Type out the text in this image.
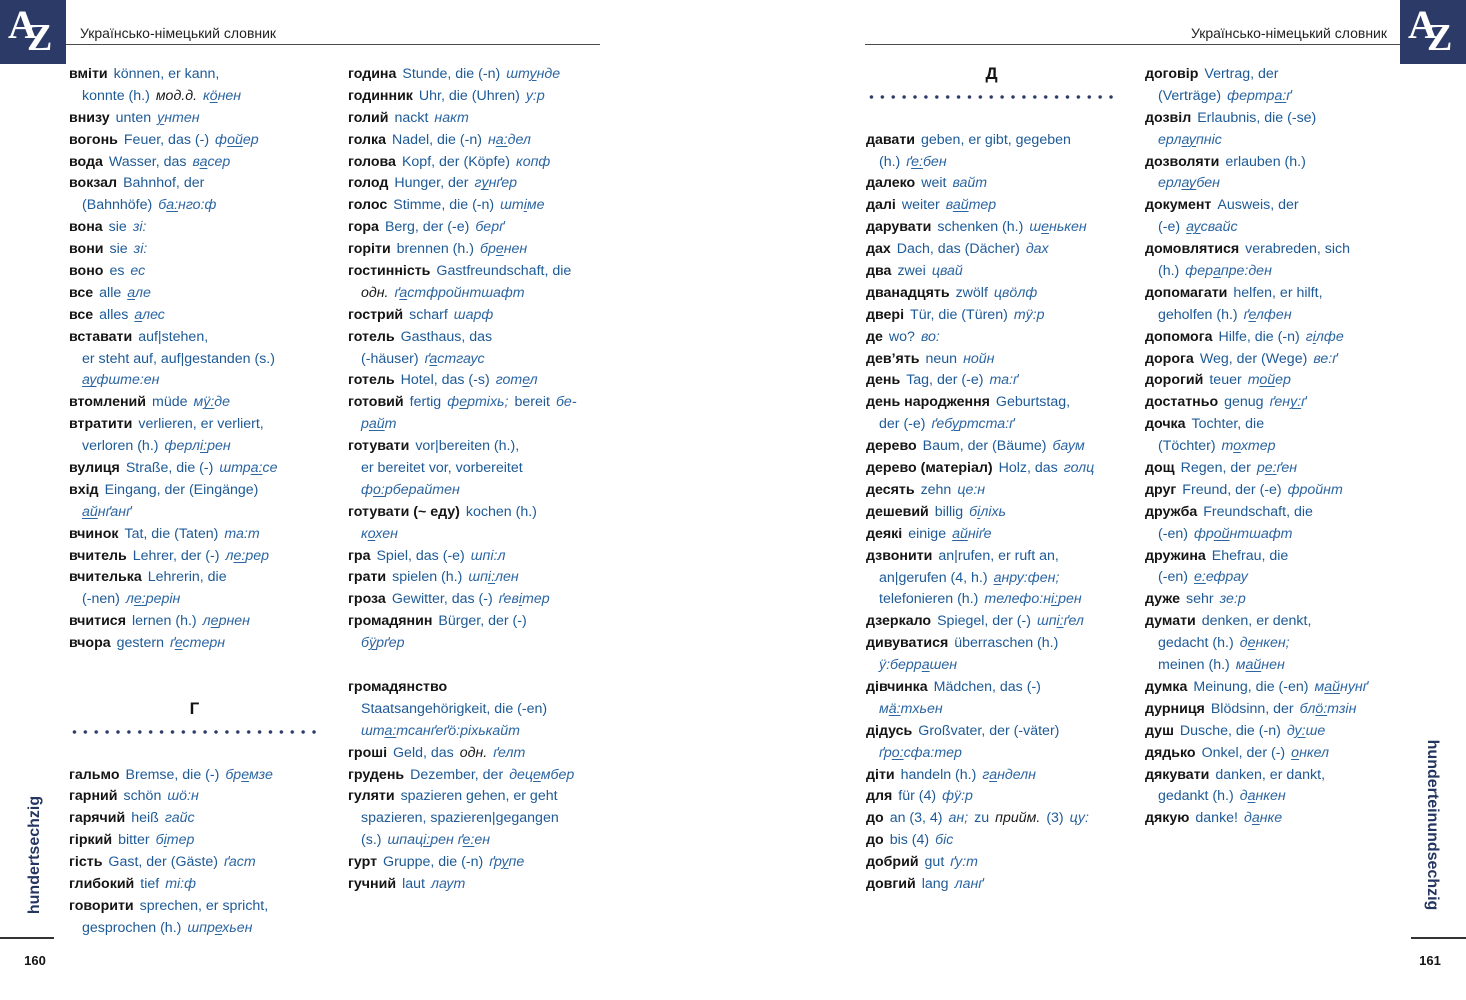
A
Z Українсько-німецький словник
вміти können, er kann,
konnte (h.) мод.д. кӧнен
внизу unten унтен
вогонь Feuer, das (-) фойер
вода Wasser, das васер
вокзал Bahnhof, der
(Bahnhöfe) ба:нго:ф
вона sie зі:
вони sie зі:
воно es ес
все alle але
все alles алес
вставати auf|stehen,
er steht auf, auf|gestanden (s.)
ауфште:ен
втомлений müde мӱ:де
втратити verlieren, er verliert,
verloren (h.) ферлі:рен
вулиця Straße, die (-) штра:се
вхід Eingang, der (Eingänge)
айнґанґ
вчинок Tat, die (Taten) та:т
вчитель Lehrer, der (-) ле:рер
вчителька Lehrerin, die
(-nen) ле:рерін
вчитися lernen (h.) лернен
вчора gestern ґестерн
Г
гальмо Bremse, die (-) бремзе
гарний schön шӧ:н
гарячий heiß гайс
гіркий bitter бітер
гість Gast, der (Gäste) ґаст
глибокий tief ті:ф
говорити sprechen, er spricht,
gesprochen (h.) шпрехьен
година Stunde, die (-n) штунде
годинник Uhr, die (Uhren) у:р
голий nackt накт
голка Nadel, die (-n) на:дел
голова Kopf, der (Köpfe) копф
голод Hunger, der гунґер
голос Stimme, die (-n) штіме
гора Berg, der (-e) берґ
горіти brennen (h.) бренен
гостинність Gastfreundschaft, die
одн. ґастфройнтшафт
гострий scharf шарф
готель Gasthaus, das
(-häuser) ґастгаус
готель Hotel, das (-s) готел
готовий fertig фертіхь; bereit бе-
райт
готувати vor|bereiten (h.),
er bereitet vor, vorbereitet
фо:рберайтен
готувати (~ еду) kochen (h.)
кохен
гра Spiel, das (-e) шпі:л
грати spielen (h.) шпі:лен
гроза Gewitter, das (-) ґевітер
громадянин Bürger, der (-)
бӱрґер
громадянство
Staatsangehörigkeit, die (-en)
шта:тсанґеґӧ:ріхькайт
гроші Geld, das одн. ґелт
грудень Dezember, der децембер
гуляти spazieren gehen, er geht
spazieren, spazieren|gegangen
(s.) шпаці:рен ґе:ен
гурт Gruppe, die (-n) ґрупе
гучний laut лаут
hundertsechzig
160
A
Z
Українсько-німецький словник
Д
давати geben, er gibt, gegeben
(h.) ґе:бен
далеко weit вайт
далі weiter вайтер
дарувати schenken (h.) шенькен
дах Dach, das (Dächer) дах
два zwei цвай
дванадцять zwölf цвӧлф
двері Tür, die (Türen) тӱ:р
де wo? во:
дев’ять neun нойн
день Tag, der (-e) та:ґ
день народження Geburtstag,
der (-e) ґебуртста:ґ
дерево Baum, der (Bäume) баум
дерево (матеріал) Holz, das голц
десять zehn це:н
дешевий billig біліхь
деякі einige айніґе
дзвонити an|rufen, er ruft an,
an|gerufen (4, h.) анру:фен;
telefonieren (h.) телефо:ні:рен
дзеркало Spiegel, der (-) шпі:ґел
дивуватися überraschen (h.)
ӱ:беррашен
дівчинка Mädchen, das (-)
мӓ:тхьен
дідусь Großvater, der (-väter)
ґро:сфа:тер
діти handeln (h.) ганделн
для für (4) фӱ:р
до an (3, 4) ан; zu прийм. (3) цу:
до bis (4) біс
добрий gut ґу:т
довгий lang ланґ
договір Vertrag, der
(Verträge) фертра:ґ
дозвіл Erlaubnis, die (-se)
ерлаупніс
дозволяти erlauben (h.)
ерлаубен
документ Ausweis, der
(-e) аусвайс
домовлятися verabreden, sich
(h.) ферапре:ден
допомагати helfen, er hilft,
geholfen (h.) ґелфен
допомога Hilfe, die (-n) гілфе
дорога Weg, der (Wege) ве:ґ
дорогий teuer тойер
достатньо genug ґену:ґ
дочка Tochter, die
(Töchter) тохтер
дощ Regen, der ре:ґен
друг Freund, der (-e) фройнт
дружба Freundschaft, die
(-en) фройнтшафт
дружина Ehefrau, die
(-en) е:ефрау
дуже sehr зе:р
думати denken, er denkt,
gedacht (h.) денкен;
meinen (h.) майнен
думка Meinung, die (-en) майнунґ
дурниця Blödsinn, der блӧ:тзін
душ Dusche, die (-n) ду:ше
дядько Onkel, der (-) онкел
дякувати danken, er dankt,
gedankt (h.) данкен
дякую danke! данке	hunderteinundsechzig
161
